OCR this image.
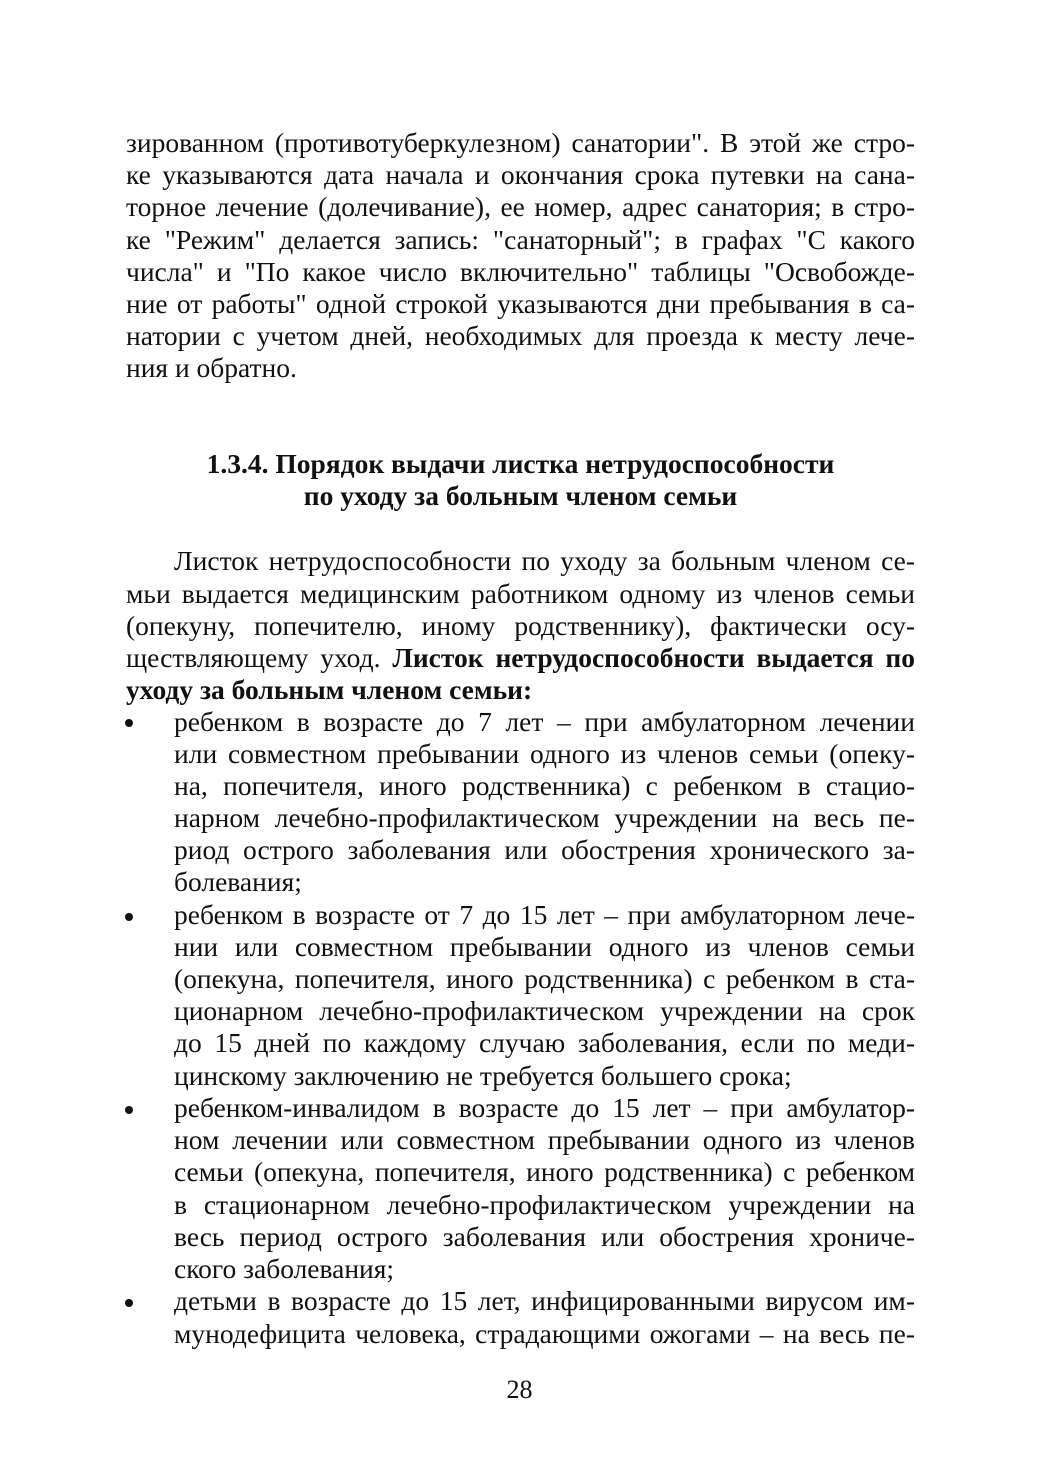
зированном (противотуберкулезном) санатории". В этой же стро-
ке указываются дата начала и окончания срока путевки на сана-
торное лечение (долечивание), ее номер, адрес санатория; в стро-
ке "Режим" делается запись: "санаторный"; в графах "С какого
числа" и "По какое число включительно" таблицы "Освобожде-
ние от работы" одной строкой указываются дни пребывания в са-
натории с учетом дней, необходимых для проезда к месту лече-
ния и обратно.
1.3.4. Порядок выдачи листка нетрудоспособности
по уходу за больным членом семьи
Листок нетрудоспособности по уходу за больным членом се-
мьи выдается медицинским работником одному из членов семьи
(опекуну, попечителю, иному родственнику), фактически осу-
ществляющему уход. Листок нетрудоспособности выдается по
уходу за больным членом семьи:
ребенком в возрасте до 7 лет – при амбулаторном лечении
или совместном пребывании одного из членов семьи (опеку-
на, попечителя, иного родственника) с ребенком в стацио-
нарном лечебно-профилактическом учреждении на весь пе-
риод острого заболевания или обострения хронического за-
болевания;
ребенком в возрасте от 7 до 15 лет – при амбулаторном лече-
нии или совместном пребывании одного из членов семьи
(опекуна, попечителя, иного родственника) с ребенком в ста-
ционарном лечебно-профилактическом учреждении на срок
до 15 дней по каждому случаю заболевания, если по меди-
цинскому заключению не требуется большего срока;
ребенком-инвалидом в возрасте до 15 лет – при амбулатор-
ном лечении или совместном пребывании одного из членов
семьи (опекуна, попечителя, иного родственника) с ребенком
в стационарном лечебно-профилактическом учреждении на
весь период острого заболевания или обострения хрониче-
ского заболевания;
детьми в возрасте до 15 лет, инфицированными вирусом им-
мунодефицита человека, страдающими ожогами – на весь пе-
28
